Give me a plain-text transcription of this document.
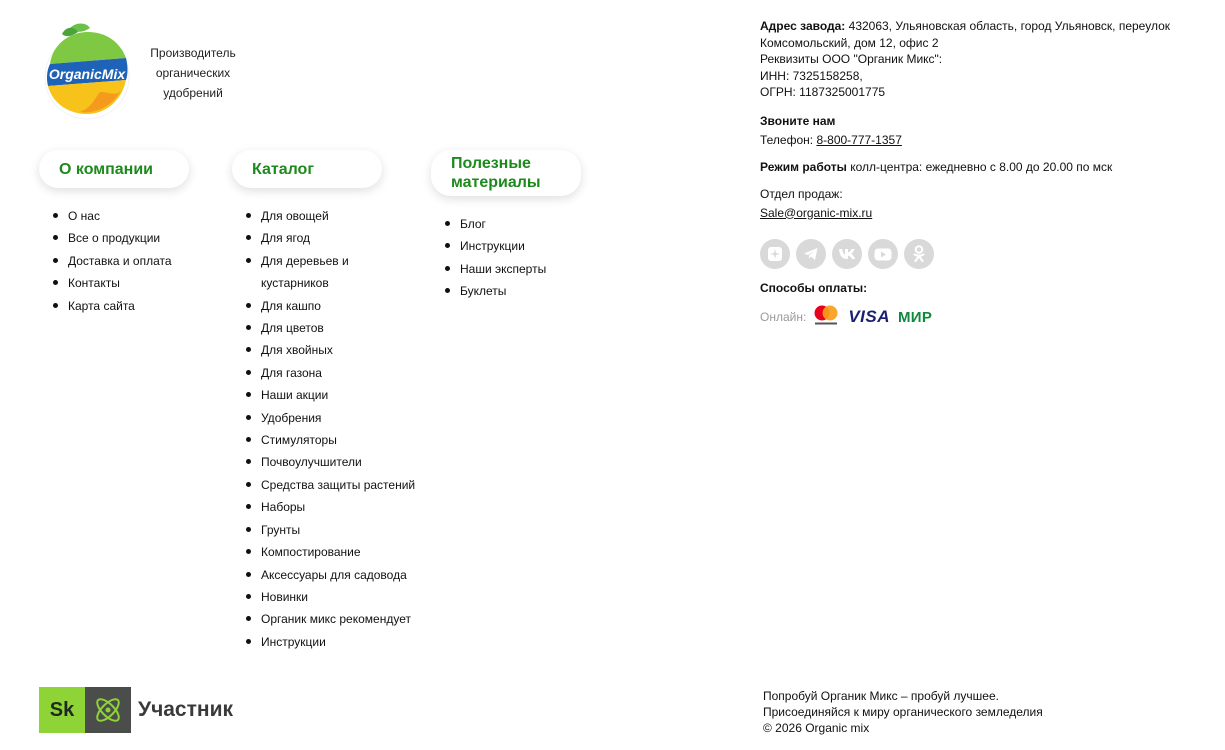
OrganicMix
Производитель органических удобрений
О компании	Каталог	Полезные материалы
О нас
Все о продукции
Доставка и оплата
Контакты
Карта сайта
Для овощей
Для ягод
Для деревьев и кустарников
Для кашпо
Для цветов
Для хвойных
Для газона
Наши акции
Удобрения
Стимуляторы
Почвоулучшители
Средства защиты растений
Наборы
Грунты
Компостирование
Аксессуары для садовода
Новинки
Органик микс рекомендует
Инструкции
Блог
Инструкции
Наши эксперты
Буклеты
Адрес завода: 432063, Ульяновская область, город Ульяновск, переулок Комсомольский, дом 12, офис 2
Реквизиты ООО "Органик Микс":
ИНН: 7325158258,
ОГРН: 1187325001775
Звоните нам
Телефон: 8-800-777-1357
Режим работы колл-центра: ежедневно с 8.00 до 20.00 по мск
Отдел продаж:
Sale@organic-mix.ru
Способы оплаты:
Онлайн: VISA МИР
Sk	Участник
Попробуй Органик Микс – пробуй лучшее.
Присоединяйся к миру органического земледелия
© 2026 Organic mix
